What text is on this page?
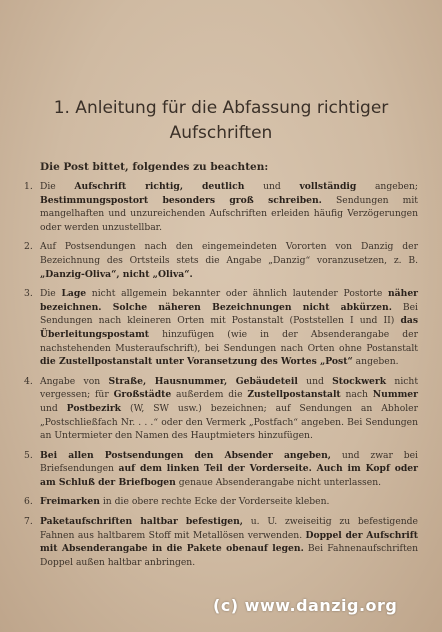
1. Anleitung für die Abfassung richtiger
Aufschriften
Die Post bittet, folgendes zu beachten:
1. Die Aufschrift richtig, deutlich und vollständig angeben; Bestimmungspostort besonders groß schreiben. Sendungen mit mangelhaften und unzureichenden Aufschriften erleiden häufig Verzögerungen oder werden unzustellbar.
2. Auf Postsendungen nach den eingemeindeten Vororten von Danzig der Bezeichnung des Ortsteils stets die Angabe „Danzig“ voranzusetzen, z. B. „Danzig-Oliva“, nicht „Oliva“.
3. Die Lage nicht allgemein bekannter oder ähnlich lautender Postorte näher bezeichnen. Solche näheren Bezeichnungen nicht abkürzen. Bei Sendungen nach kleineren Orten mit Postanstalt (Poststellen I und II) das Überleitungspostamt hinzufügen (wie in der Absenderangabe der nachstehenden Musteraufschrift), bei Sendungen nach Orten ohne Postanstalt die Zustellpostanstalt unter Voransetzung des Wortes „Post“ angeben.
4. Angabe von Straße, Hausnummer, Gebäudeteil und Stockwerk nicht vergessen; für Großstädte außerdem die Zustellpostanstalt nach Nummer und Postbezirk (W, SW usw.) bezeichnen; auf Sendungen an Abholer „Postschließfach Nr. . . .“ oder den Vermerk „Postfach“ angeben. Bei Sendungen an Untermieter den Namen des Hauptmieters hinzufügen.
5. Bei allen Postsendungen den Absender angeben, und zwar bei Briefsendungen auf dem linken Teil der Vorderseite. Auch im Kopf oder am Schluß der Briefbogen genaue Absenderangabe nicht unterlassen.
6. Freimarken in die obere rechte Ecke der Vorderseite kleben.
7. Paketaufschriften haltbar befestigen, u. U. zweiseitig zu befestigende Fahnen aus haltbarem Stoff mit Metallösen verwenden. Doppel der Aufschrift mit Absenderangabe in die Pakete obenauf legen. Bei Fahnenaufschriften Doppel außen haltbar anbringen.
(c) www.danzig.org
